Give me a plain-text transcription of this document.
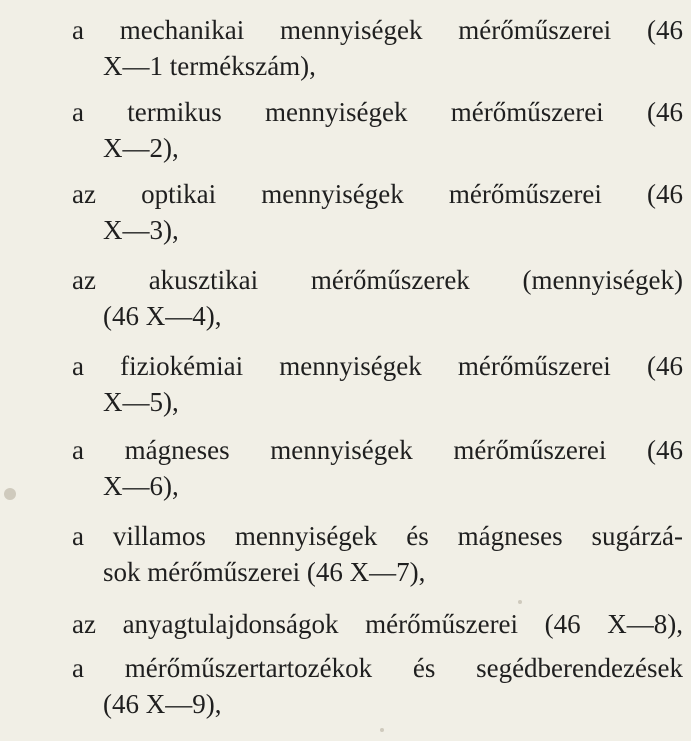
a mechanikai mennyiségek mérőműszerei (46
X—1 termékszám),
a termikus mennyiségek mérőműszerei (46
X—2),
az optikai mennyiségek mérőműszerei (46
X—3),
az akusztikai mérőműszerek (mennyiségek)
(46 X—4),
a fiziokémiai mennyiségek mérőműszerei (46
X—5),
a mágneses mennyiségek mérőműszerei (46
X—6),
a villamos mennyiségek és mágneses sugárzá-
sok mérőműszerei (46 X—7),
az anyagtulajdonságok mérőműszerei (46 X—8),
a mérőműszertartozékok és segédberendezések
(46 X—9),
